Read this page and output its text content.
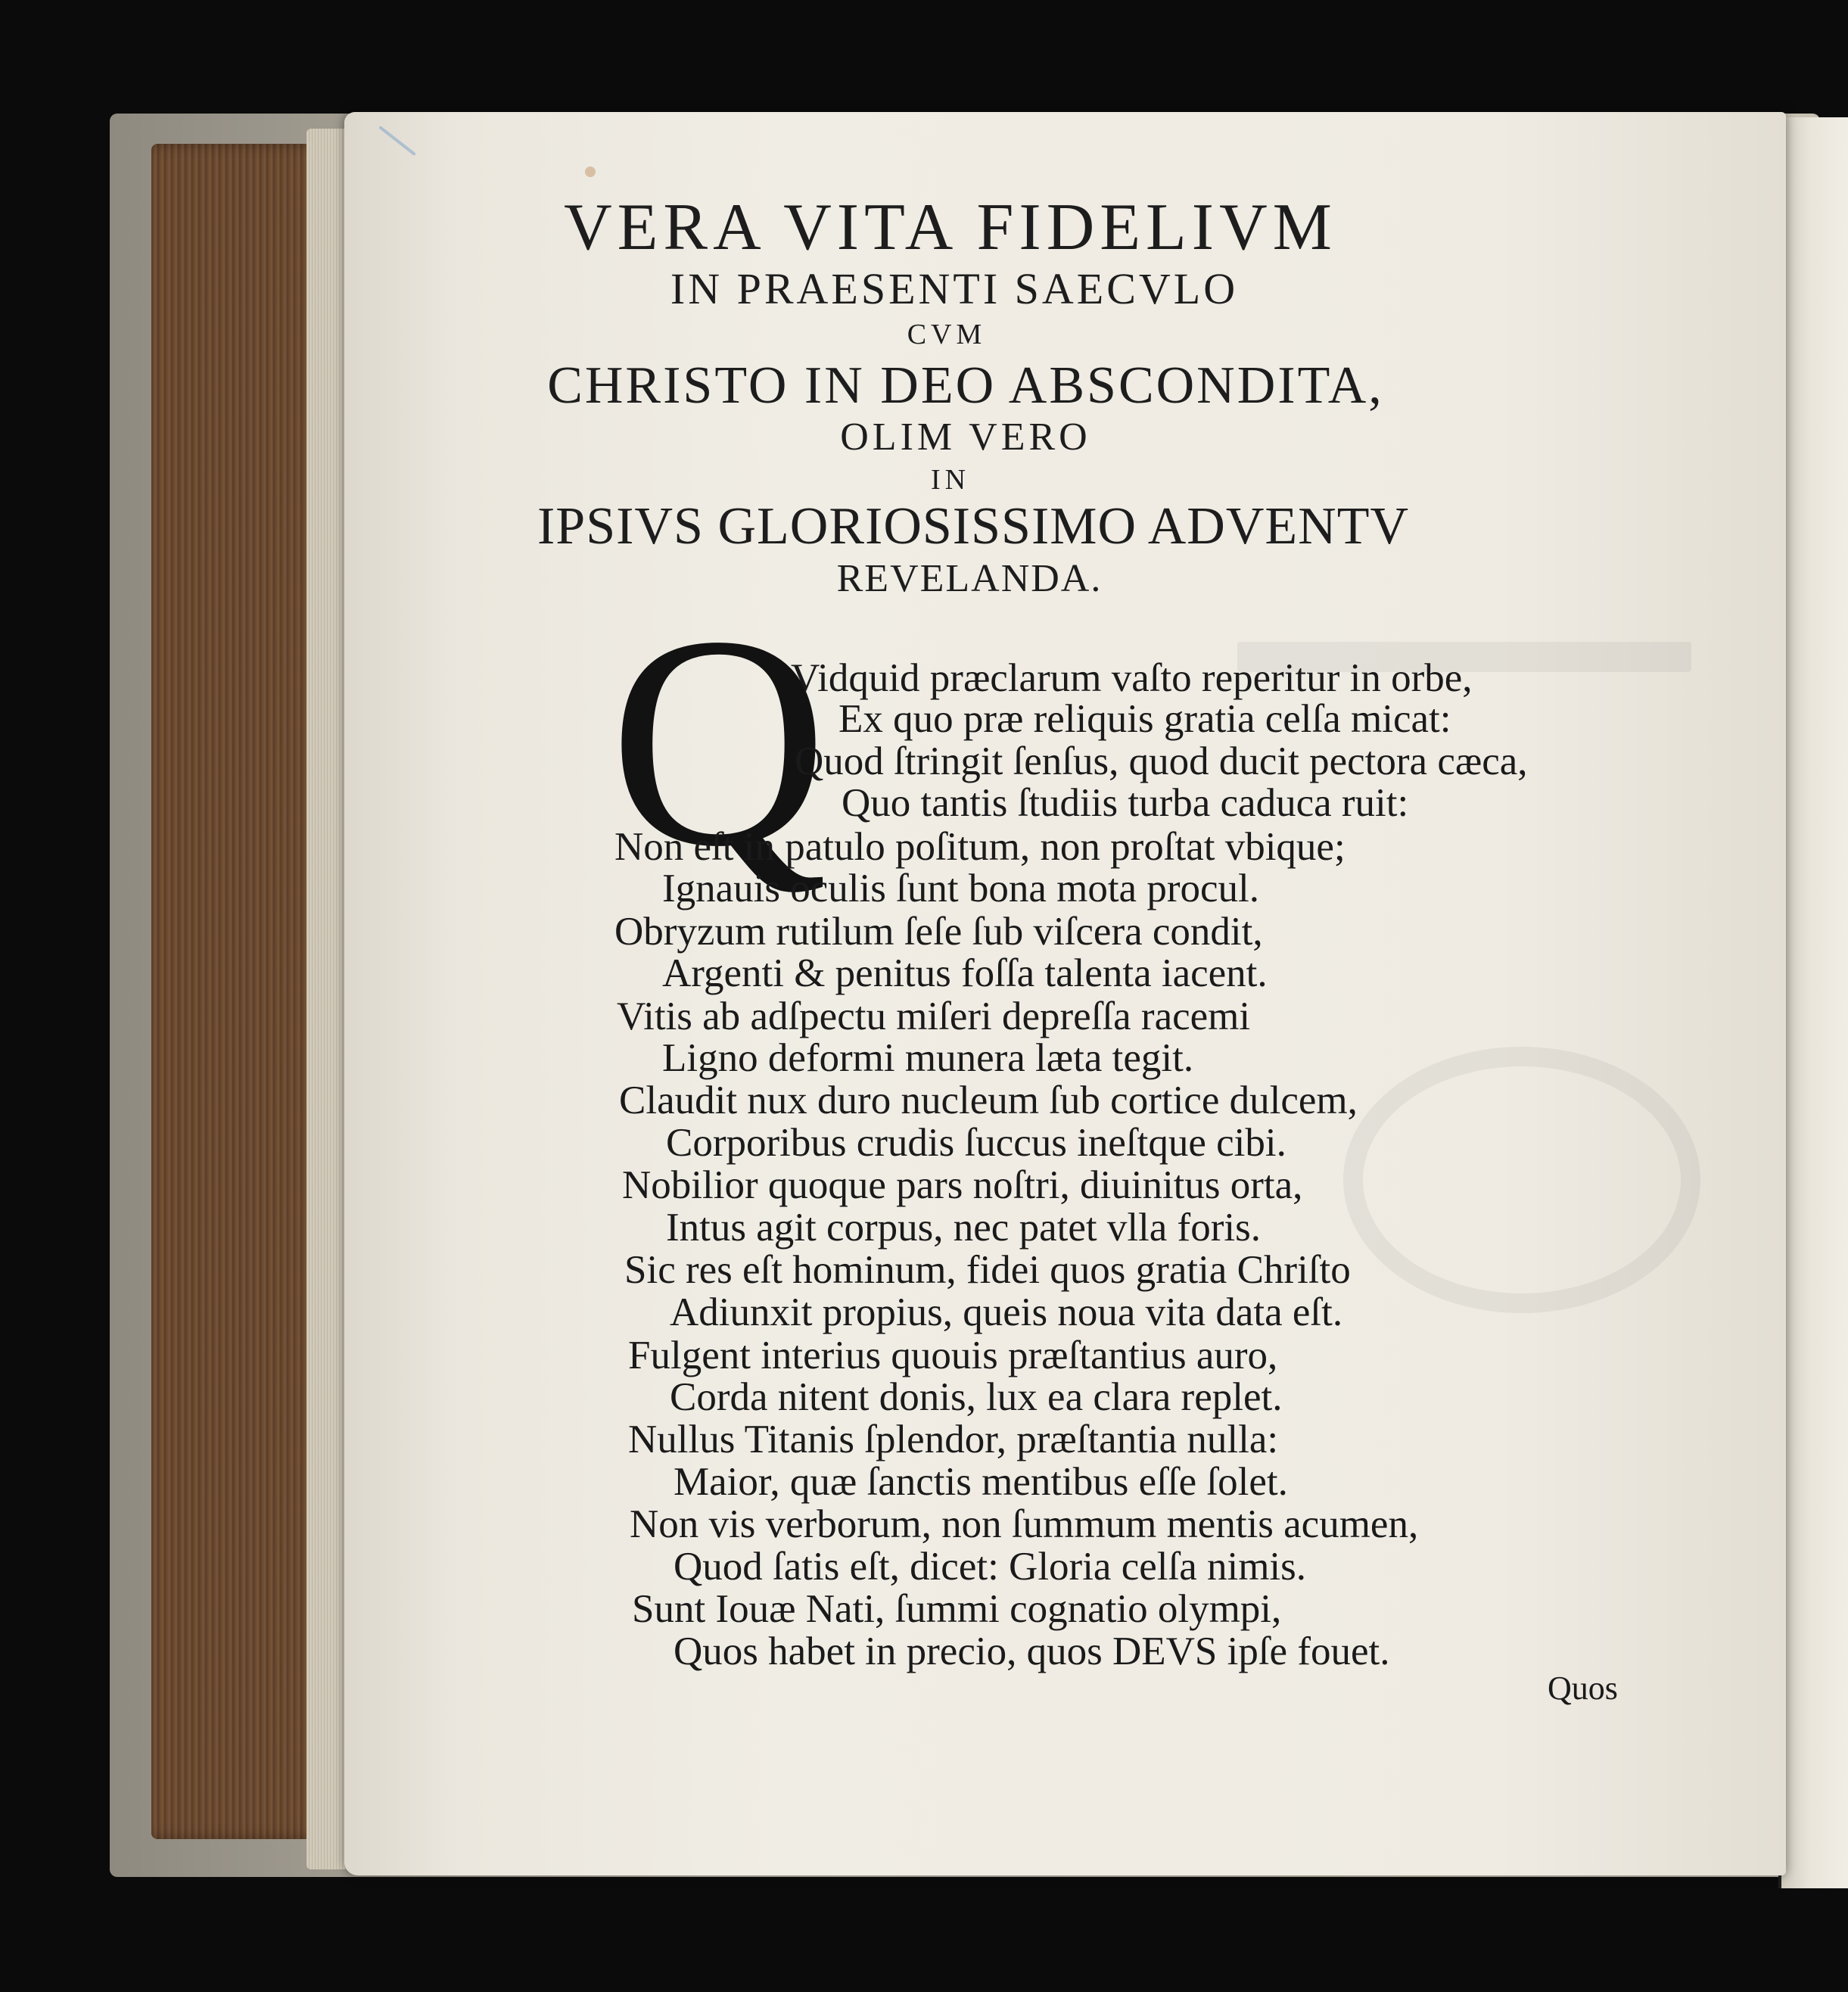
VERA VITA FIDELIVM
IN PRAESENTI SAECVLO
CVM
CHRISTO IN DEO ABSCONDITA,
OLIM VERO
IN
IPSIVS GLORIOSISSIMO ADVENTV
REVELANDA.
Q
Vidquid præclarum vaſto reperitur in orbe,
Ex quo præ reliquis gratia celſa micat:
Quod ſtringit ſenſus, quod ducit pectora cæca,
Quo tantis ſtudiis turba caduca ruit:
Non eſt in patulo poſitum, non proſtat vbique;
Ignauis oculis ſunt bona mota procul.
Obryzum rutilum ſeſe ſub viſcera condit,
Argenti & penitus foſſa talenta iacent.
Vitis ab adſpectu miſeri depreſſa racemi
Ligno deformi munera læta tegit.
Claudit nux duro nucleum ſub cortice dulcem,
Corporibus crudis ſuccus ineſtque cibi.
Nobilior quoque pars noſtri, diuinitus orta,
Intus agit corpus, nec patet vlla foris.
Sic res eſt hominum, fidei quos gratia Chriſto
Adiunxit propius, queis noua vita data eſt.
Fulgent interius quouis præſtantius auro,
Corda nitent donis, lux ea clara replet.
Nullus Titanis ſplendor, præſtantia nulla:
Maior, quæ ſanctis mentibus eſſe ſolet.
Non vis verborum, non ſummum mentis acumen,
Quod ſatis eſt, dicet: Gloria celſa nimis.
Sunt Iouæ Nati, ſummi cognatio olympi,
Quos habet in precio, quos DEVS ipſe fouet.
Quos
